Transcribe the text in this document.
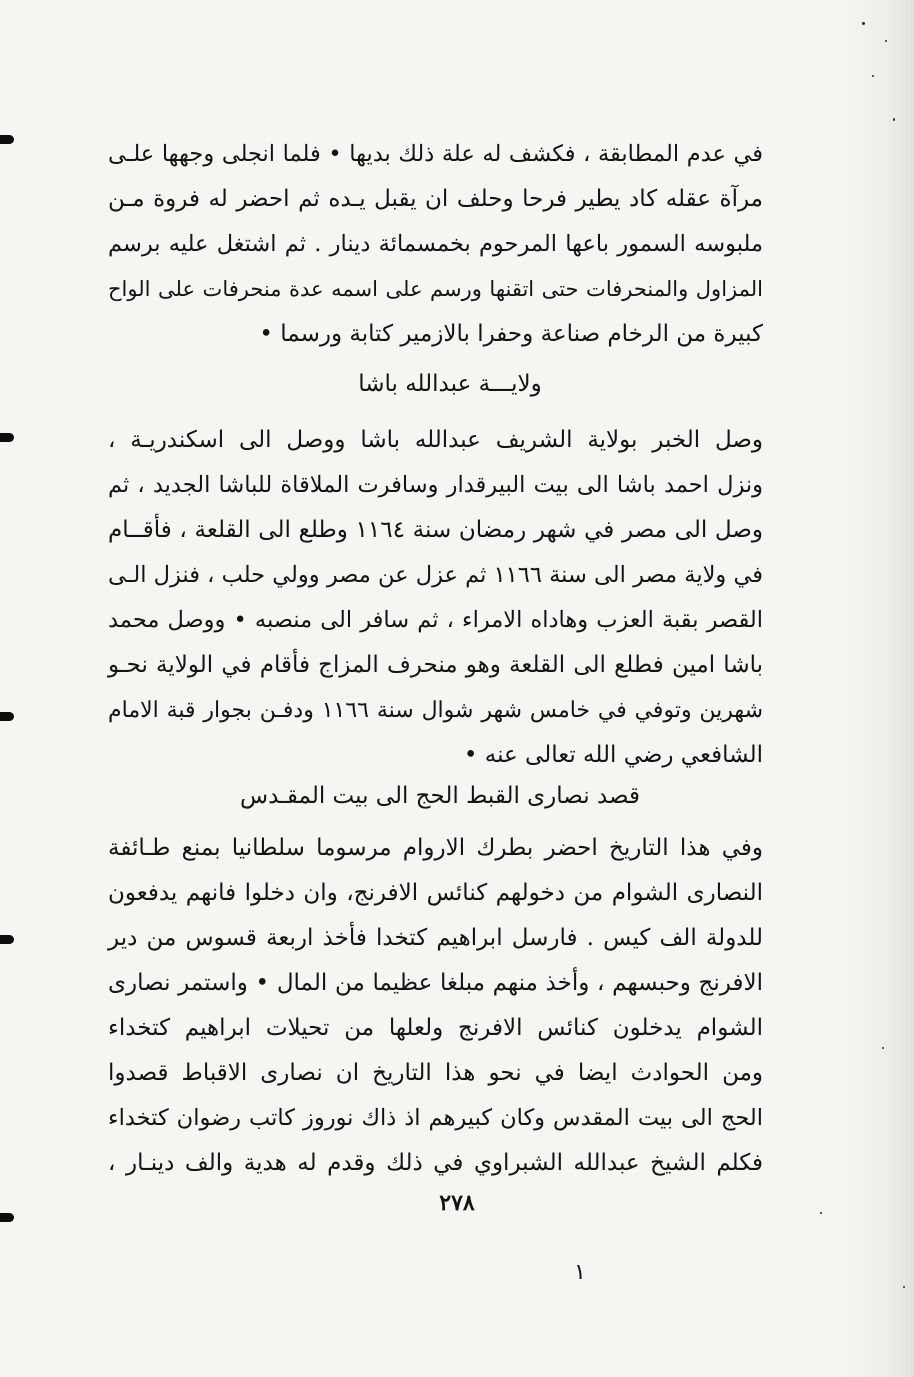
في عدم المطابقة ، فكشف له علة ذلك بديها • فلما انجلى وجهها علـى
مرآة عقله كاد يطير فرحا وحلف ان يقبل يـده ثم احضر له فروة مـن
ملبوسه السمور باعها المرحوم بخمسمائة دينار . ثم اشتغل عليه برسم
المزاول والمنحرفات حتى اتقنها ورسم على اسمه عدة منحرفات على الواح
كبيرة من الرخام صناعة وحفرا بالازمير كتابة ورسما •
ولايـــة عبدالله باشا
وصل الخبر بولاية الشريف عبدالله باشا ووصل الى اسكندريـة ،
ونزل احمد باشا الى بيت البيرقدار وسافرت الملاقاة للباشا الجديد ، ثم
وصل الى مصر في شهر رمضان سنة ١١٦٤ وطلع الى القلعة ، فأقــام
في ولاية مصر الى سنة ١١٦٦ ثم عزل عن مصر وولي حلب ، فنزل الـى
القصر بقبة العزب وهاداه الامراء ، ثم سافر الى منصبه • ووصل محمد
باشا امين فطلع الى القلعة وهو منحرف المزاج فأقام في الولاية نحـو
شهرين وتوفي في خامس شهر شوال سنة ١١٦٦ ودفـن بجوار قبة الامام
الشافعي رضي الله تعالى عنه •
قصد نصارى القبط الحج الى بيت المقـدس
وفي هذا التاريخ احضر بطرك الاروام مرسوما سلطانيا بمنع طـائفة
النصارى الشوام من دخولهم كنائس الافرنج، وان دخلوا فانهم يدفعون
للدولة الف كيس . فارسل ابراهيم كتخدا فأخذ اربعة قسوس من دير
الافرنج وحبسهم ، وأخذ منهم مبلغا عظيما من المال • واستمر نصارى
الشوام يدخلون كنائس الافرنج ولعلها من تحيلات ابراهيم كتخداء
ومن الحوادث ايضا في نحو هذا التاريخ ان نصارى الاقباط قصدوا
الحج الى بيت المقدس وكان كبيرهم اذ ذاك نوروز كاتب رضوان كتخداء
فكلم الشيخ عبدالله الشبراوي في ذلك وقدم له هدية والف دينـار ،
٢٧٨
١
